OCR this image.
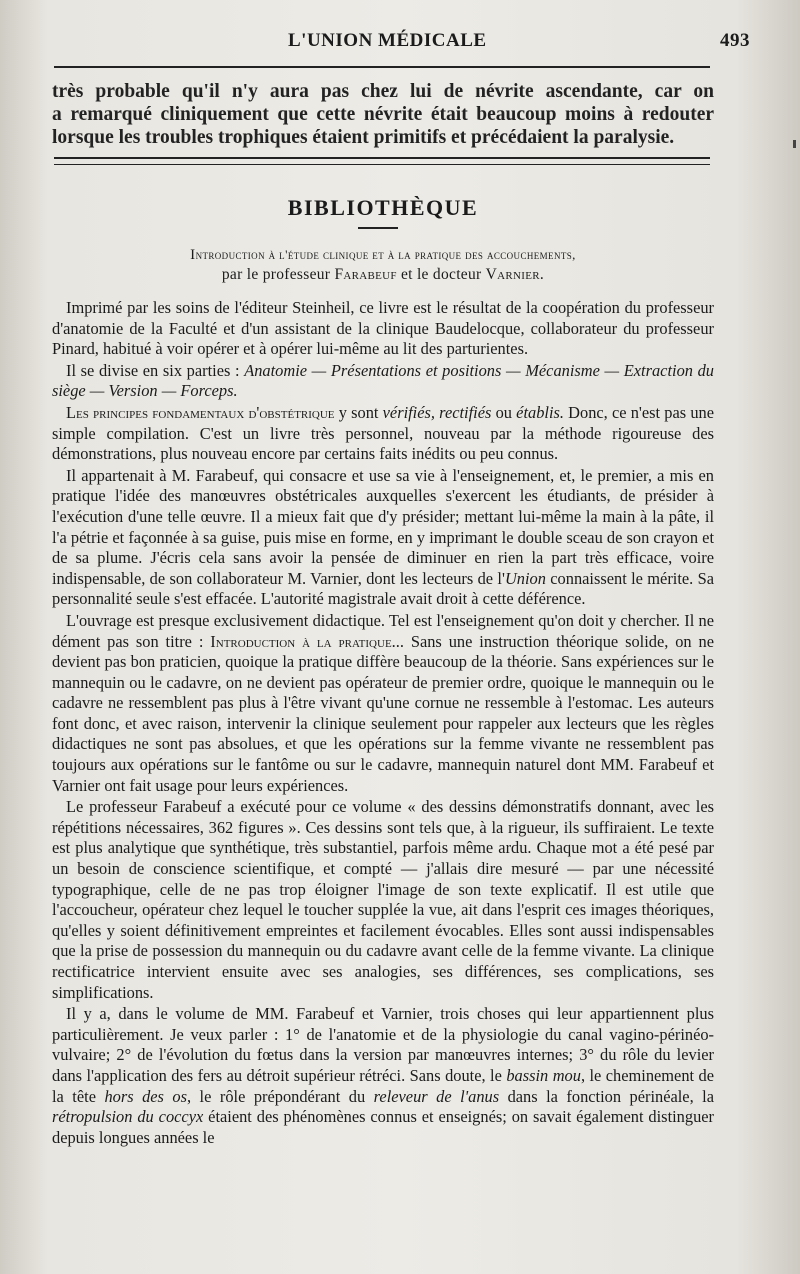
L'UNION MÉDICALE	493
très probable qu'il n'y aura pas chez lui de névrite ascendante, car on
a remarqué cliniquement que cette névrite était beaucoup moins à redouter
lorsque les troubles trophiques étaient primitifs et précédaient la paralysie.
BIBLIOTHÈQUE
Introduction à l'étude clinique et à la pratique des accouchements,
par le professeur Farabeuf et le docteur Varnier.

Imprimé par les soins de l'éditeur Steinheil, ce livre est le résultat de la coopération du professeur d'anatomie de la Faculté et d'un assistant de la clinique Baudelocque, collaborateur du professeur Pinard, habitué à voir opérer et à opérer lui-même au lit des parturientes.

Il se divise en six parties : Anatomie — Présentations et positions — Mécanisme — Extraction du siège — Version — Forceps.

Les principes fondamentaux d'obstétrique y sont vérifiés, rectifiés ou établis. Donc, ce n'est pas une simple compilation. C'est un livre très personnel, nouveau par la méthode rigoureuse des démonstrations, plus nouveau encore par certains faits inédits ou peu connus.

Il appartenait à M. Farabeuf, qui consacre et use sa vie à l'enseignement, et, le premier, a mis en pratique l'idée des manœuvres obstétricales auxquelles s'exercent les étudiants, de présider à l'exécution d'une telle œuvre. Il a mieux fait que d'y présider; mettant lui-même la main à la pâte, il l'a pétrie et façonnée à sa guise, puis mise en forme, en y imprimant le double sceau de son crayon et de sa plume. J'écris cela sans avoir la pensée de diminuer en rien la part très efficace, voire indispensable, de son collaborateur M. Varnier, dont les lecteurs de l'Union connaissent le mérite. Sa personnalité seule s'est effacée. L'autorité magistrale avait droit à cette déférence.

L'ouvrage est presque exclusivement didactique. Tel est l'enseignement qu'on doit y chercher. Il ne dément pas son titre : Introduction à la pratique... Sans une instruction théorique solide, on ne devient pas bon praticien, quoique la pratique diffère beaucoup de la théorie. Sans expériences sur le mannequin ou le cadavre, on ne devient pas opérateur de premier ordre, quoique le mannequin ou le cadavre ne ressemblent pas plus à l'être vivant qu'une cornue ne ressemble à l'estomac. Les auteurs font donc, et avec raison, intervenir la clinique seulement pour rappeler aux lecteurs que les règles didactiques ne sont pas absolues, et que les opérations sur la femme vivante ne ressemblent pas toujours aux opérations sur le fantôme ou sur le cadavre, mannequin naturel dont MM. Farabeuf et Varnier ont fait usage pour leurs expériences.

Le professeur Farabeuf a exécuté pour ce volume « des dessins démonstratifs donnant, avec les répétitions nécessaires, 362 figures ». Ces dessins sont tels que, à la rigueur, ils suffiraient. Le texte est plus analytique que synthétique, très substantiel, parfois même ardu. Chaque mot a été pesé par un besoin de conscience scientifique, et compté — j'allais dire mesuré — par une nécessité typographique, celle de ne pas trop éloigner l'image de son texte explicatif. Il est utile que l'accoucheur, opérateur chez lequel le toucher supplée la vue, ait dans l'esprit ces images théoriques, qu'elles y soient définitivement empreintes et facilement évocables. Elles sont aussi indispensables que la prise de possession du mannequin ou du cadavre avant celle de la femme vivante. La clinique rectificatrice intervient ensuite avec ses analogies, ses différences, ses complications, ses simplifications.

Il y a, dans le volume de MM. Farabeuf et Varnier, trois choses qui leur appartiennent plus particulièrement. Je veux parler : 1° de l'anatomie et de la physiologie du canal vagino-périnéo-vulvaire; 2° de l'évolution du fœtus dans la version par manœuvres internes; 3° du rôle du levier dans l'application des fers au détroit supérieur rétréci. Sans doute, le bassin mou, le cheminement de la tête hors des os, le rôle prépondérant du releveur de l'anus dans la fonction périnéale, la rétropulsion du coccyx étaient des phénomènes connus et enseignés; on savait également distinguer depuis longues années le
